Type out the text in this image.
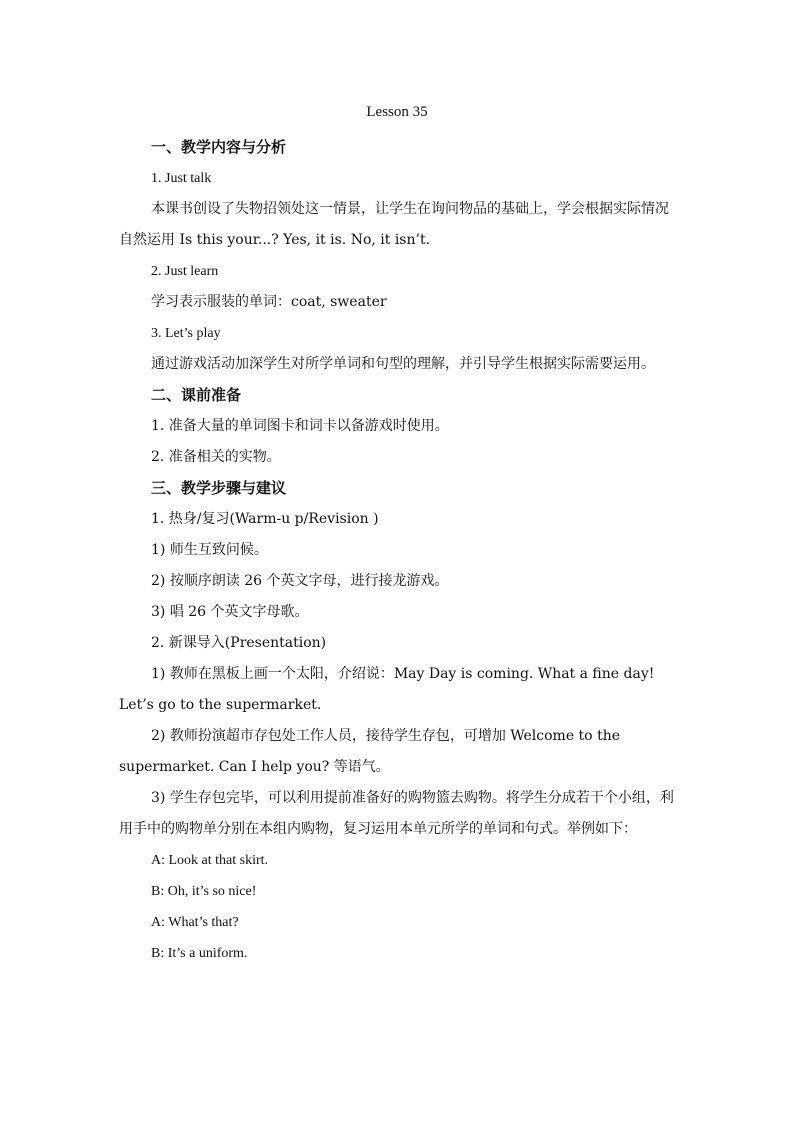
Lesson 35

一、教学内容与分析

1. Just talk

本课书创设了失物招领处这一情景，让学生在询问物品的基础上，学会根据实际情况自然运用 Is this your...? Yes, it is. No, it isn’t.

2. Just learn

学习表示服装的单词：coat, sweater

3. Let’s play

通过游戏活动加深学生对所学单词和句型的理解，并引导学生根据实际需要运用。

二、课前准备

1. 准备大量的单词图卡和词卡以备游戏时使用。

2. 准备相关的实物。

三、教学步骤与建议

1. 热身/复习(Warm-u p/Revision )

1) 师生互致问候。

2) 按顺序朗读 26 个英文字母，进行接龙游戏。

3) 唱 26 个英文字母歌。

2. 新课导入(Presentation)

1) 教师在黑板上画一个太阳，介绍说：May Day is coming. What a fine day! Let’s go to the supermarket.

2) 教师扮演超市存包处工作人员，接待学生存包，可增加 Welcome to the supermarket. Can I help you? 等语气。

3) 学生存包完毕，可以利用提前准备好的购物篮去购物。将学生分成若干个小组，利用手中的购物单分别在本组内购物，复习运用本单元所学的单词和句式。举例如下：

A: Look at that skirt.

B: Oh, it’s so nice!

A: What’s that?

B: It’s a uniform.
